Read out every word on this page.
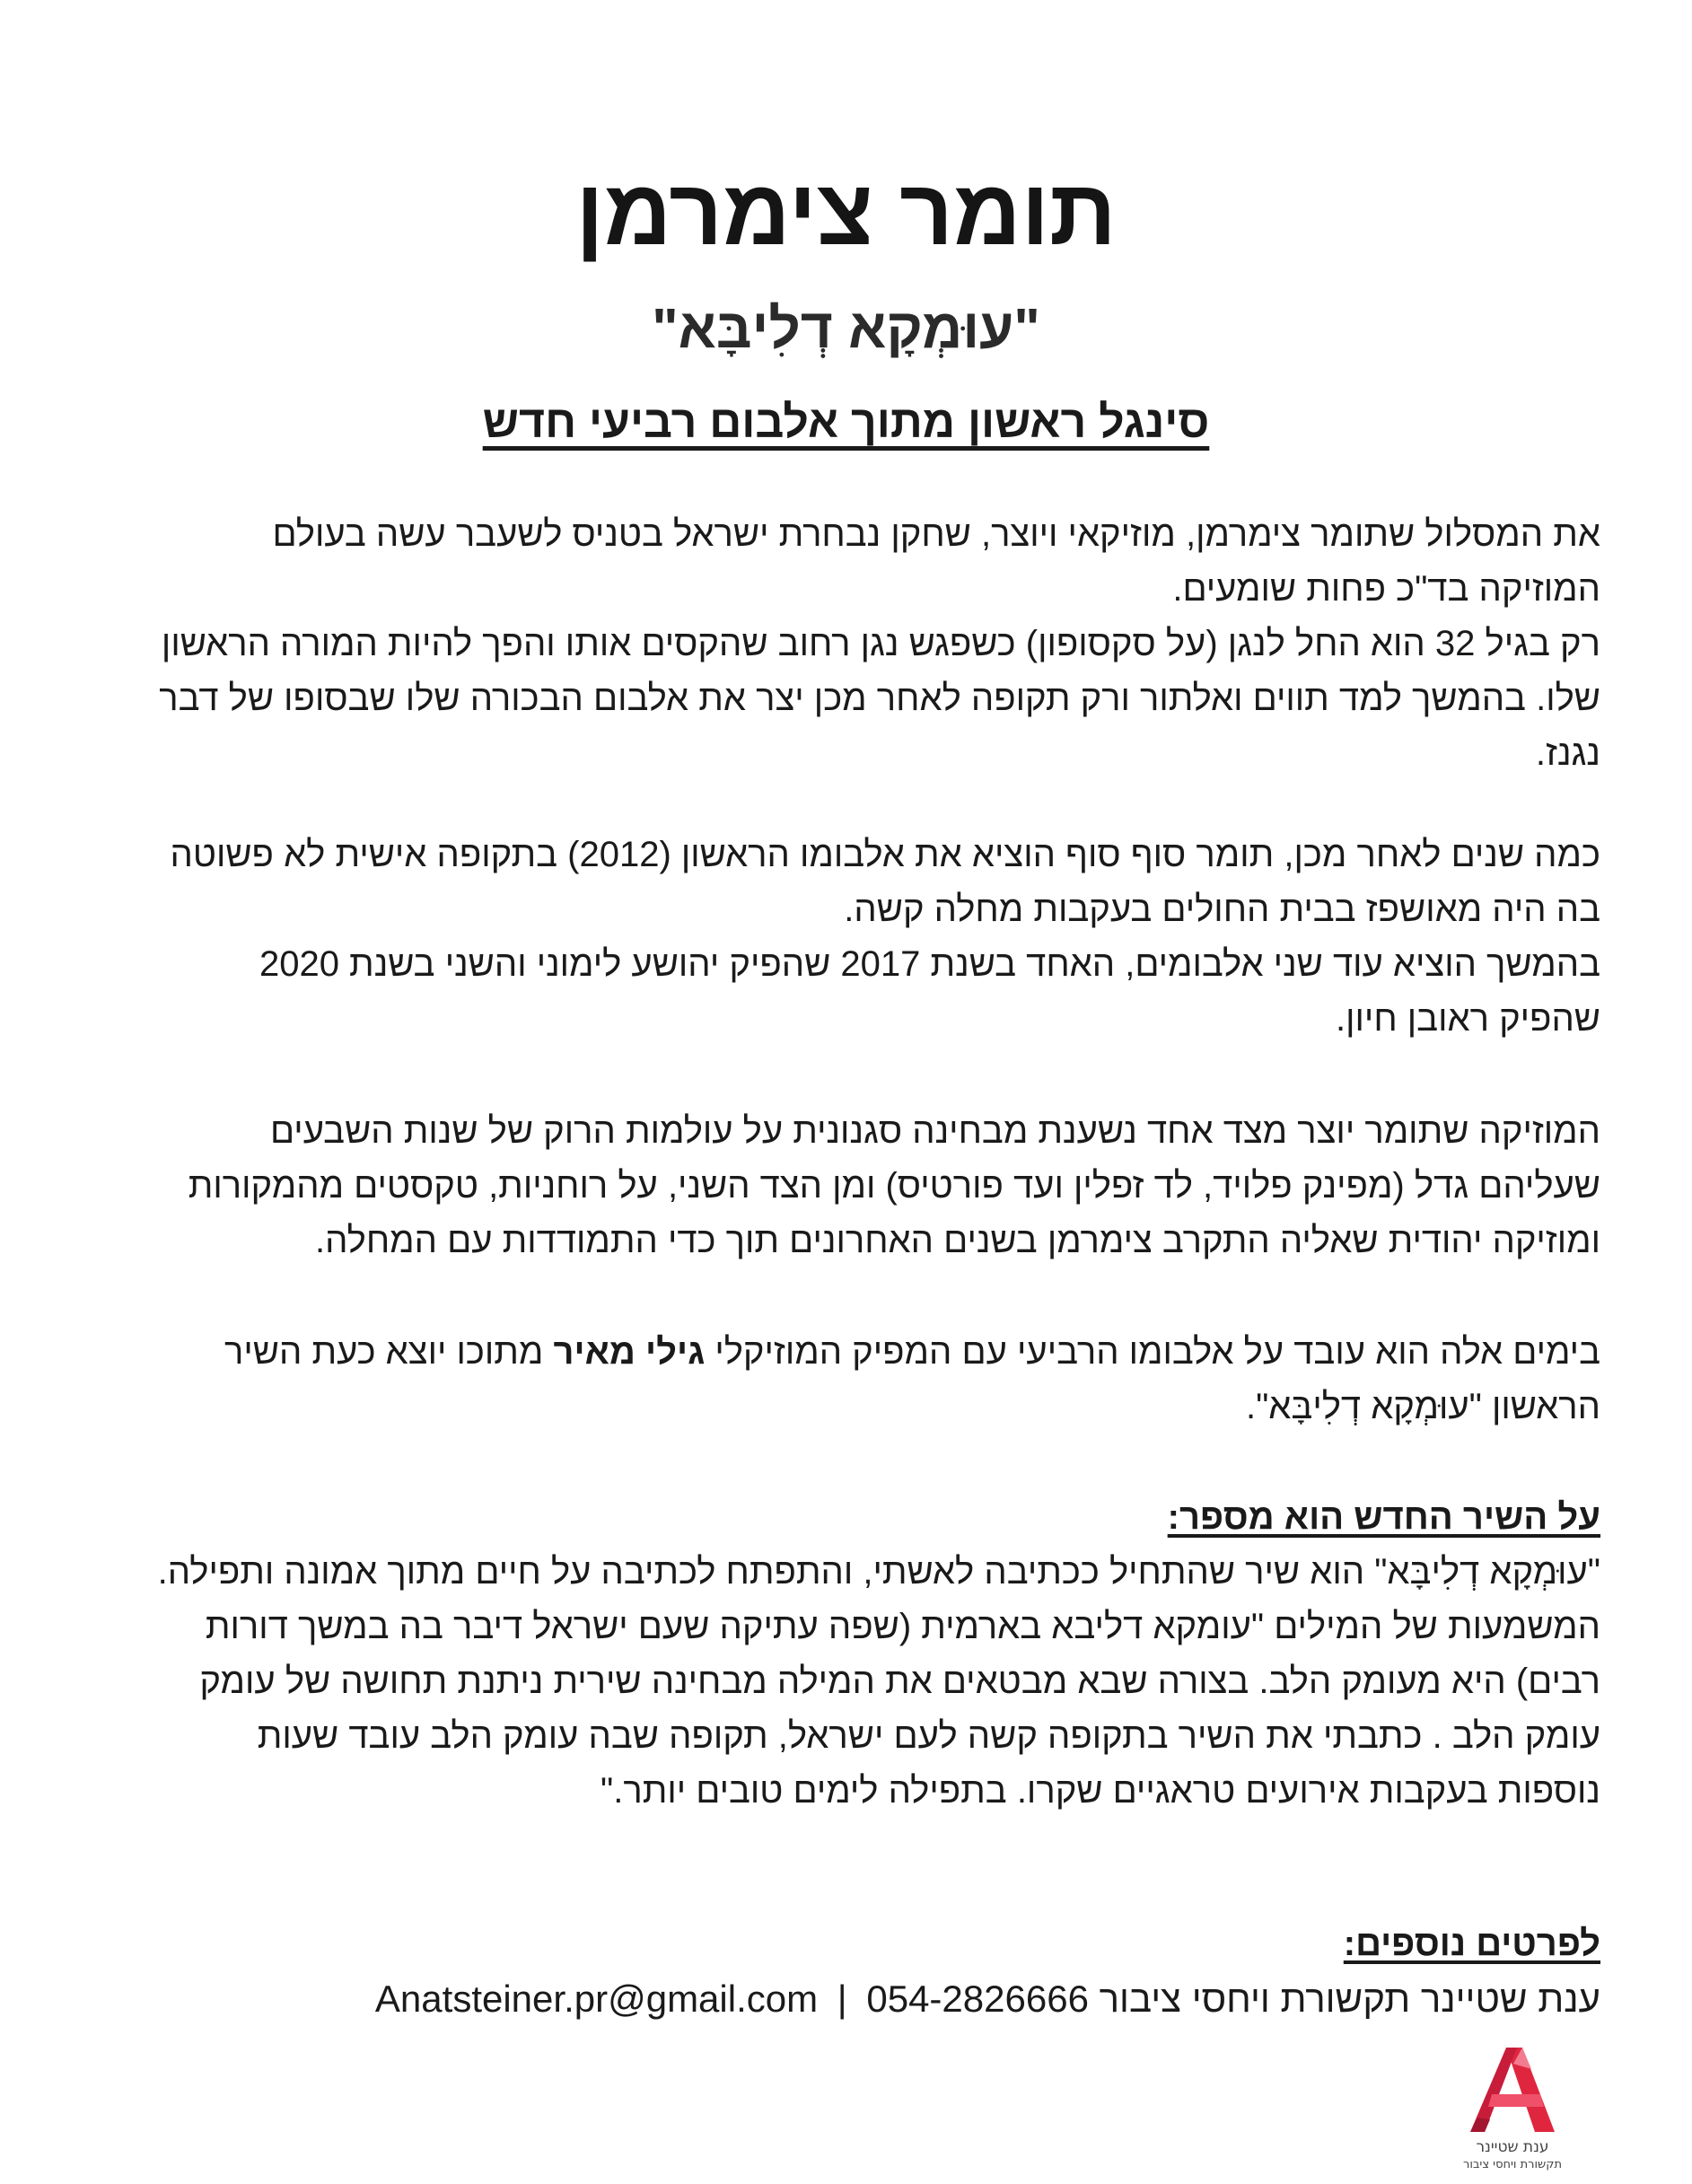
תומר צימרמן
"עוּמְקָא דְלִיבָּא"
סינגל ראשון מתוך אלבום רביעי חדש

את המסלול שתומר צימרמן, מוזיקאי ויוצר, שחקן נבחרת ישראל בטניס לשעבר עשה בעולם
המוזיקה בד"כ פחות שומעים.
רק בגיל 32 הוא החל לנגן (על סקסופון) כשפגש נגן רחוב שהקסים אותו והפך להיות המורה הראשון
שלו. בהמשך למד תווים ואלתור ורק תקופה לאחר מכן יצר את אלבום הבכורה שלו שבסופו של דבר
נגנז.

כמה שנים לאחר מכן, תומר סוף סוף הוציא את אלבומו הראשון (2012) בתקופה אישית לא פשוטה
בה היה מאושפז בבית החולים בעקבות מחלה קשה.
בהמשך הוציא עוד שני אלבומים, האחד בשנת 2017 שהפיק יהושע לימוני והשני בשנת 2020
שהפיק ראובן חיון.

המוזיקה שתומר יוצר מצד אחד נשענת מבחינה סגנונית על עולמות הרוק של שנות השבעים
שעליהם גדל (מפינק פלויד, לד זפלין ועד פורטיס) ומן הצד השני, על רוחניות, טקסטים מהמקורות
ומוזיקה יהודית שאליה התקרב צימרמן בשנים האחרונים תוך כדי התמודדות עם המחלה.

בימים אלה הוא עובד על אלבומו הרביעי עם המפיק המוזיקלי גילי מאיר מתוכו יוצא כעת השיר
הראשון "עוּמְקָא דְלִיבָּא".

על השיר החדש הוא מספר:

"עוּמְקָא דְלִיבָּא" הוא שיר שהתחיל ככתיבה לאשתי, והתפתח לכתיבה על חיים מתוך אמונה ותפילה.
המשמעות של המילים "עומקא דליבא בארמית (שפה עתיקה שעם ישראל דיבר בה במשך דורות
רבים) היא מעומק הלב. בצורה שבא מבטאים את המילה מבחינה שירית ניתנת תחושה של עומק
עומק הלב . כתבתי את השיר בתקופה קשה לעם ישראל, תקופה שבה עומק הלב עובד שעות
נוספות בעקבות אירועים טראגיים שקרו. בתפילה לימים טובים יותר."

לפרטים נוספים:

ענת שטיינר תקשורת ויחסי ציבור 054-2826666 | Anatsteiner.pr@gmail.com

ענת שטיינר
תקשורת ויחסי ציבור
